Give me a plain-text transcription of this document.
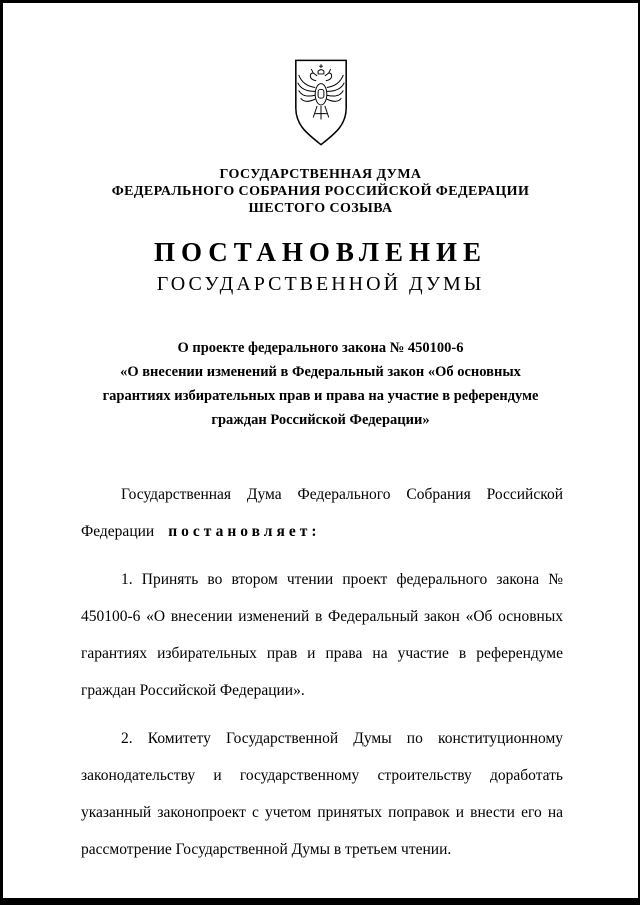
ГОСУДАРСТВЕННАЯ ДУМА
ФЕДЕРАЛЬНОГО СОБРАНИЯ РОССИЙСКОЙ ФЕДЕРАЦИИ
ШЕСТОГО СОЗЫВА
ПОСТАНОВЛЕНИЕ
ГОСУДАРСТВЕННОЙ ДУМЫ
О проекте федерального закона № 450100-6
«О внесении изменений в Федеральный закон «Об основных
гарантиях избирательных прав и права на участие в референдуме
граждан Российской Федерации»

Государственная Дума Федерального Собрания Российской Федерации постановляет:

1. Принять во втором чтении проект федерального закона № 450100-6 «О внесении изменений в Федеральный закон «Об основных гарантиях избирательных прав и права на участие в референдуме граждан Российской Федерации».

2. Комитету Государственной Думы по конституционному законодательству и государственному строительству доработать указанный законопроект с учетом принятых поправок и внести его на рассмотрение Государственной Думы в третьем чтении.
